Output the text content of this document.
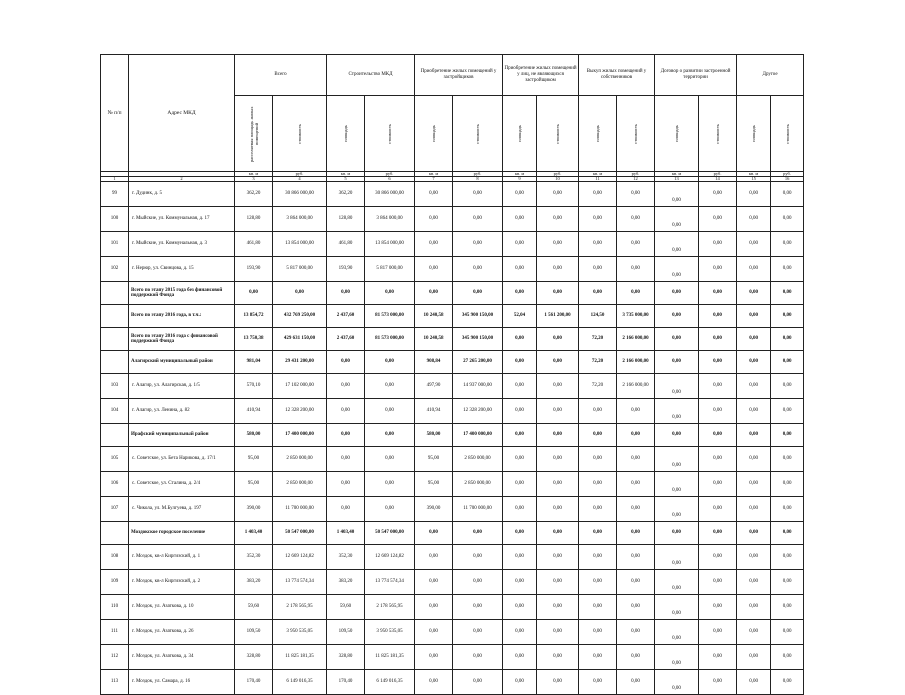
№ п/п	Адрес МКД	Всего		Строительство МКД		Приобретение жилых помещений у застройщиков		Приобретение жилых помещений у лиц, не являющихся застройщиком		Выкуп жилых помещений у собственников		Договор о развитии застроенной территории		Другое	

		расселяемая площадь жилых помещений	стоимость	площадь	стоимость	площадь	стоимость	площадь	стоимость	площадь	стоимость	площадь	стоимость	площадь	стоимость

		кв. м	руб.	кв. м	руб.	кв. м	руб.	кв. м	руб.	кв. м	руб.	кв. м	руб.	кв. м	руб.
1	2	3	4	5	6	7	8	9	10	11	12	13	14	15	16
99	г. Дудинк, д. 5	362,20	30 866 000,00	362,20	30 866 000,00	0,00	0,00	0,00	0,00	0,00	0,00	0,00	0,00	0,00	0,00
100	г. Мыйские, ул. Коммунальная, д. 17	128,80	3 864 000,00	128,80	3 864 000,00	0,00	0,00	0,00	0,00	0,00	0,00	0,00	0,00	0,00	0,00
101	г. Мыйские, ул. Коммунальная, д. 3	461,80	13 854 000,00	461,80	13 854 000,00	0,00	0,00	0,00	0,00	0,00	0,00	0,00	0,00	0,00	0,00
102	г. Нерюр, ул. Свинцова, д. 15	193,90	5 817 000,00	193,90	5 817 000,00	0,00	0,00	0,00	0,00	0,00	0,00	0,00	0,00	0,00	0,00
	Всего по этапу 2015 года без финансовой поддержкой Фонда	0,00	0,00	0,00	0,00	0,00	0,00	0,00	0,00	0,00	0,00	0,00	0,00	0,00	0,00
	Всего по этапу 2016 года, в т.ч.:	13 854,72	432 769 250,00	2 437,60	81 573 000,00	10 240,58	345 900 150,00	52,04	1 561 200,00	124,50	3 735 000,00	0,00	0,00	0,00	0,00
	Всего по этапу 2016 года с финансовой поддержкой Фонда	13 750,38	429 631 150,00	2 437,60	81 573 000,00	10 240,58	345 900 150,00	0,00	0,00	72,20	2 166 000,00	0,00	0,00	0,00	0,00
	Алагирский муниципальный район	981,04	29 431 200,00	0,00	0,00	908,84	27 265 200,00	0,00	0,00	72,20	2 166 000,00	0,00	0,00	0,00	0,00
103	г. Алагир, ул. Алагирская, д. 1/5	570,10	17 102 000,00	0,00	0,00	497,90	14 937 000,00	0,00	0,00	72,20	2 166 000,00	0,00	0,00	0,00	0,00
104	г. Алагир, ул. Ленина, д. 82	410,94	12 328 200,00	0,00	0,00	410,94	12 328 200,00	0,00	0,00	0,00	0,00	0,00	0,00	0,00	0,00
	Ирафский муниципальный район	580,00	17 400 000,00	0,00	0,00	580,00	17 400 000,00	0,00	0,00	0,00	0,00	0,00	0,00	0,00	0,00
105	с. Советское, ул. Бета Нарикова, д. 17/1	95,00	2 850 000,00	0,00	0,00	95,00	2 850 000,00	0,00	0,00	0,00	0,00	0,00	0,00	0,00	0,00
106	с. Советское, ул. Сталина, д. 2/4	95,00	2 850 000,00	0,00	0,00	95,00	2 850 000,00	0,00	0,00	0,00	0,00	0,00	0,00	0,00	0,00
107	с. Чикола, ул. М.Булгуева, д. 197	390,00	11 700 000,00	0,00	0,00	390,00	11 700 000,00	0,00	0,00	0,00	0,00	0,00	0,00	0,00	0,00
	Моздокское городское поселение	1 403,40	50 547 000,00	1 403,40	50 547 000,00	0,00	0,00	0,00	0,00	0,00	0,00	0,00	0,00	0,00	0,00
108	г. Моздок, кв-л Киргизский, д. 1	352,30	12 669 124,82	352,30	12 669 124,82	0,00	0,00	0,00	0,00	0,00	0,00	0,00	0,00	0,00	0,00
109	г. Моздок, кв-л Киргизский, д. 2	383,20	13 774 574,34	383,20	13 774 574,34	0,00	0,00	0,00	0,00	0,00	0,00	0,00	0,00	0,00	0,00
110	г. Моздок, ул. Азаткова, д. 10	59,60	2 178 565,95	59,60	2 178 565,95	0,00	0,00	0,00	0,00	0,00	0,00	0,00	0,00	0,00	0,00
111	г. Моздок, ул. Азаткова, д. 26	109,50	3 950 535,05	109,50	3 950 535,05	0,00	0,00	0,00	0,00	0,00	0,00	0,00	0,00	0,00	0,00
112	г. Моздок, ул. Азаткова, д. 34	328,80	11 825 181,35	328,80	11 825 181,35	0,00	0,00	0,00	0,00	0,00	0,00	0,00	0,00	0,00	0,00
113	г. Моздок, ул. Самара, д. 16	170,40	6 149 016,35	170,40	6 149 016,35	0,00	0,00	0,00	0,00	0,00	0,00	0,00	0,00	0,00	0,00
